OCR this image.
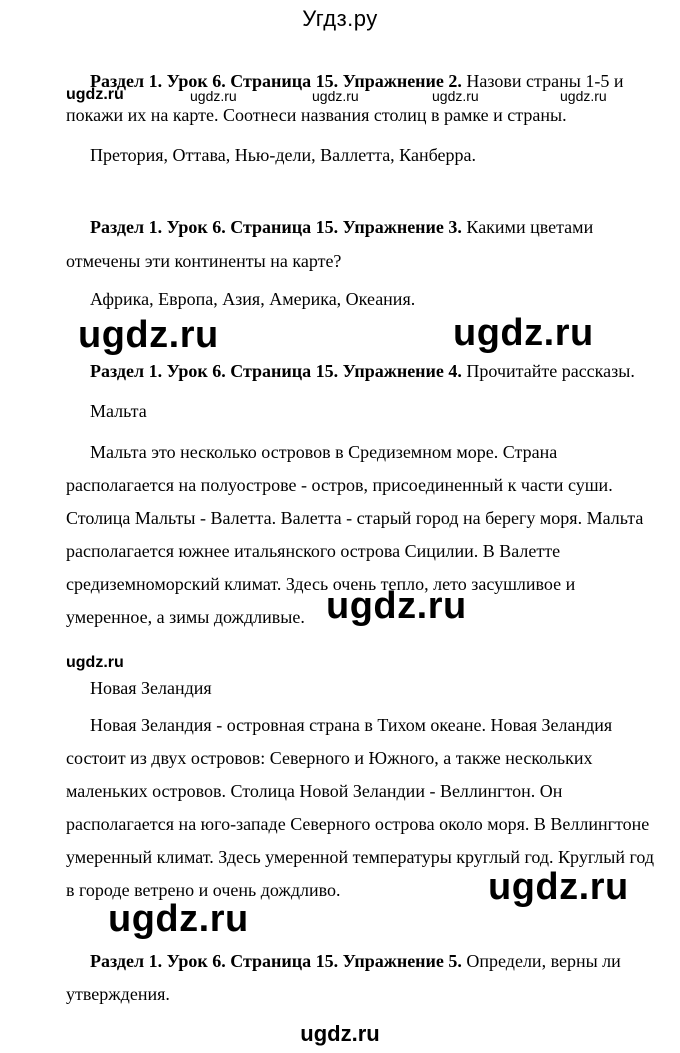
Угдз.ру
Раздел 1. Урок 6. Страница 15. Упражнение 2. Назови страны 1-5 и
покажи их на карте. Соотнеси названия столиц в рамке и страны.
Претория, Оттава, Нью-дели, Валлетта, Канберра.
Раздел 1. Урок 6. Страница 15. Упражнение 3. Какими цветами
отмечены эти континенты на карте?
Африка, Европа, Азия, Америка, Океания.
Раздел 1. Урок 6. Страница 15. Упражнение 4. Прочитайте рассказы.
Мальта
Мальта это несколько островов в Средиземном море. Страна
располагается на полуострове - остров, присоединенный к части суши.
Столица Мальты - Валетта. Валетта - старый город на берегу моря. Мальта
располагается южнее итальянского острова Сицилии. В Валетте
средиземноморский климат. Здесь очень тепло, лето засушливое и
умеренное, а зимы дождливые.
Новая Зеландия
Новая Зеландия - островная страна в Тихом океане. Новая Зеландия
состоит из двух островов: Северного и Южного, а также нескольких
маленьких островов. Столица Новой Зеландии - Веллингтон. Он
располагается на юго-западе Северного острова около моря. В Веллингтоне
умеренный климат. Здесь умеренной температуры круглый год. Круглый год
в городе ветрено и очень дождливо.
Раздел 1. Урок 6. Страница 15. Упражнение 5. Определи, верны ли
утверждения.
ugdz.ru	ugdz.ru	ugdz.ru	ugdz.ru	ugdz.ru
ugdz.ru	ugdz.ru
ugdz.ru
ugdz.ru
ugdz.ru
ugdz.ru
ugdz.ru
